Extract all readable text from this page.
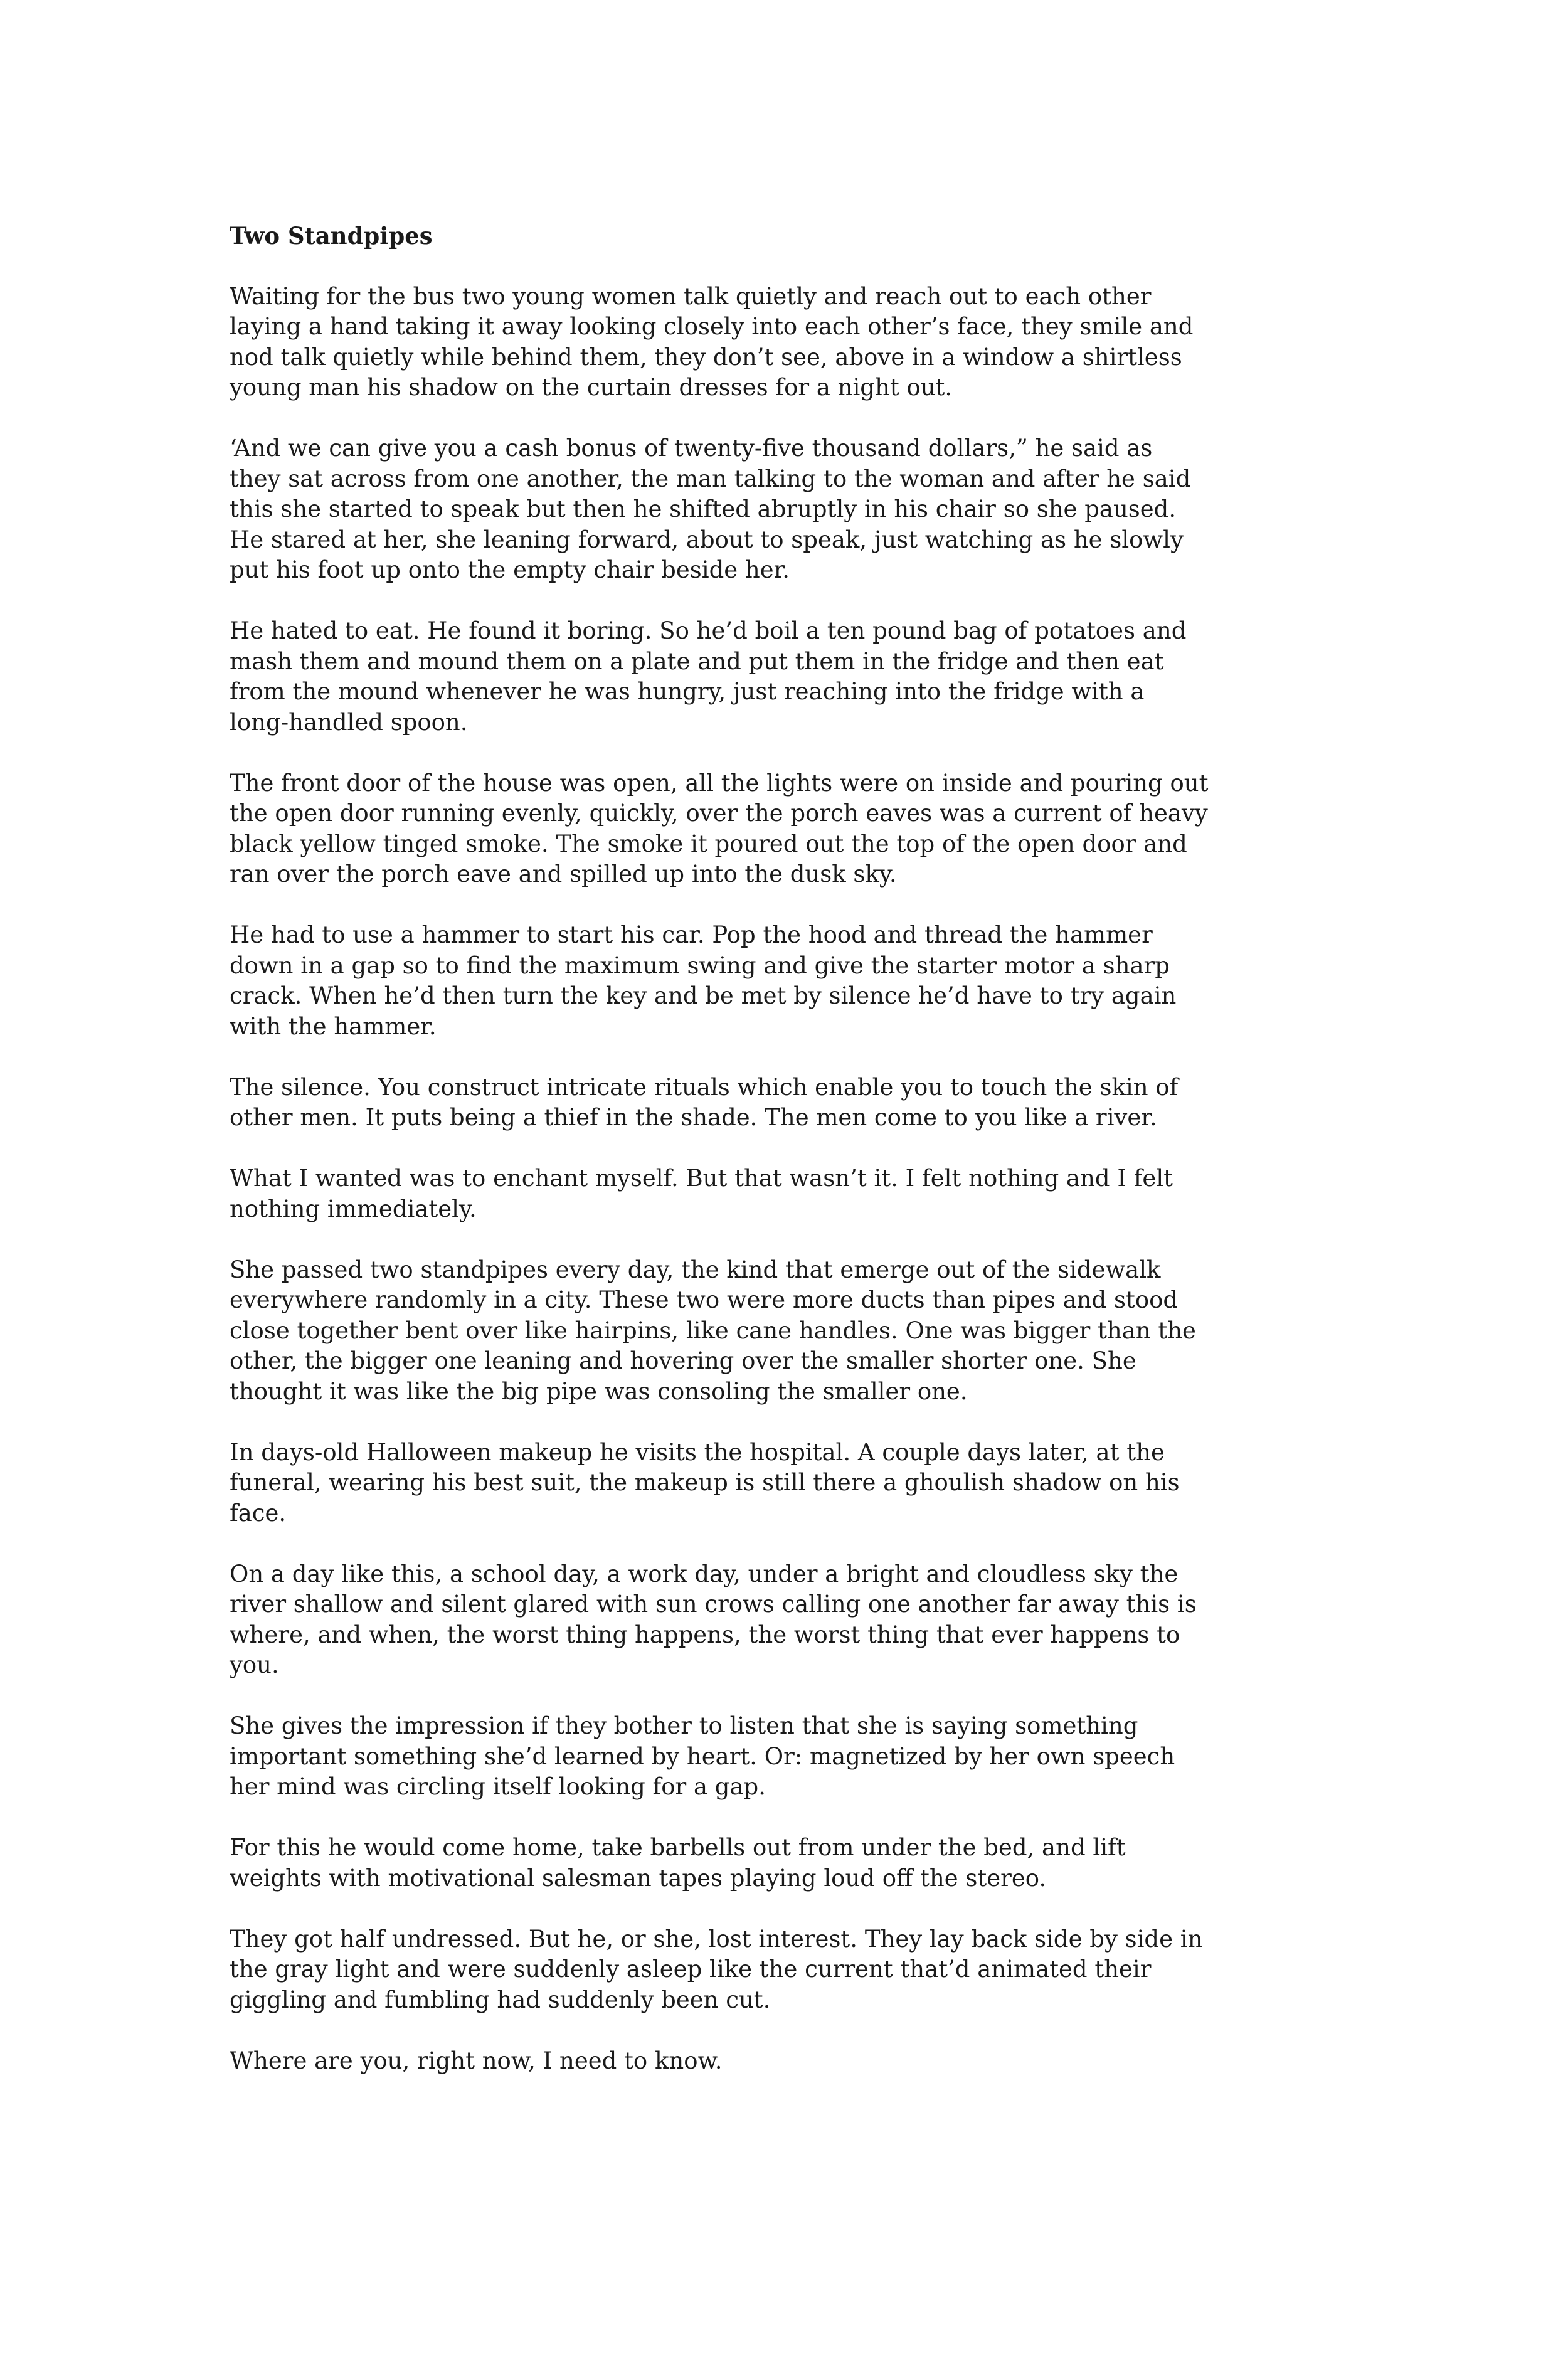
Two Standpipes
Waiting for the bus two young women talk quietly and reach out to each other
laying a hand taking it away looking closely into each other’s face, they smile and
nod talk quietly while behind them, they don’t see, above in a window a shirtless
young man his shadow on the curtain dresses for a night out.
‘And we can give you a cash bonus of twenty-five thousand dollars,” he said as
they sat across from one another, the man talking to the woman and after he said
this she started to speak but then he shifted abruptly in his chair so she paused.
He stared at her, she leaning forward, about to speak, just watching as he slowly
put his foot up onto the empty chair beside her.
He hated to eat. He found it boring. So he’d boil a ten pound bag of potatoes and
mash them and mound them on a plate and put them in the fridge and then eat
from the mound whenever he was hungry, just reaching into the fridge with a
long-handled spoon.
The front door of the house was open, all the lights were on inside and pouring out
the open door running evenly, quickly, over the porch eaves was a current of heavy
black yellow tinged smoke. The smoke it poured out the top of the open door and
ran over the porch eave and spilled up into the dusk sky.
He had to use a hammer to start his car. Pop the hood and thread the hammer
down in a gap so to find the maximum swing and give the starter motor a sharp
crack. When he’d then turn the key and be met by silence he’d have to try again
with the hammer.
The silence. You construct intricate rituals which enable you to touch the skin of
other men. It puts being a thief in the shade. The men come to you like a river.
What I wanted was to enchant myself. But that wasn’t it. I felt nothing and I felt
nothing immediately.
She passed two standpipes every day, the kind that emerge out of the sidewalk
everywhere randomly in a city. These two were more ducts than pipes and stood
close together bent over like hairpins, like cane handles. One was bigger than the
other, the bigger one leaning and hovering over the smaller shorter one. She
thought it was like the big pipe was consoling the smaller one.
In days-old Halloween makeup he visits the hospital. A couple days later, at the
funeral, wearing his best suit, the makeup is still there a ghoulish shadow on his
face.
On a day like this, a school day, a work day, under a bright and cloudless sky the
river shallow and silent glared with sun crows calling one another far away this is
where, and when, the worst thing happens, the worst thing that ever happens to
you.
She gives the impression if they bother to listen that she is saying something
important something she’d learned by heart. Or: magnetized by her own speech
her mind was circling itself looking for a gap.
For this he would come home, take barbells out from under the bed, and lift
weights with motivational salesman tapes playing loud off the stereo.
They got half undressed. But he, or she, lost interest. They lay back side by side in
the gray light and were suddenly asleep like the current that’d animated their
giggling and fumbling had suddenly been cut.
Where are you, right now, I need to know.
